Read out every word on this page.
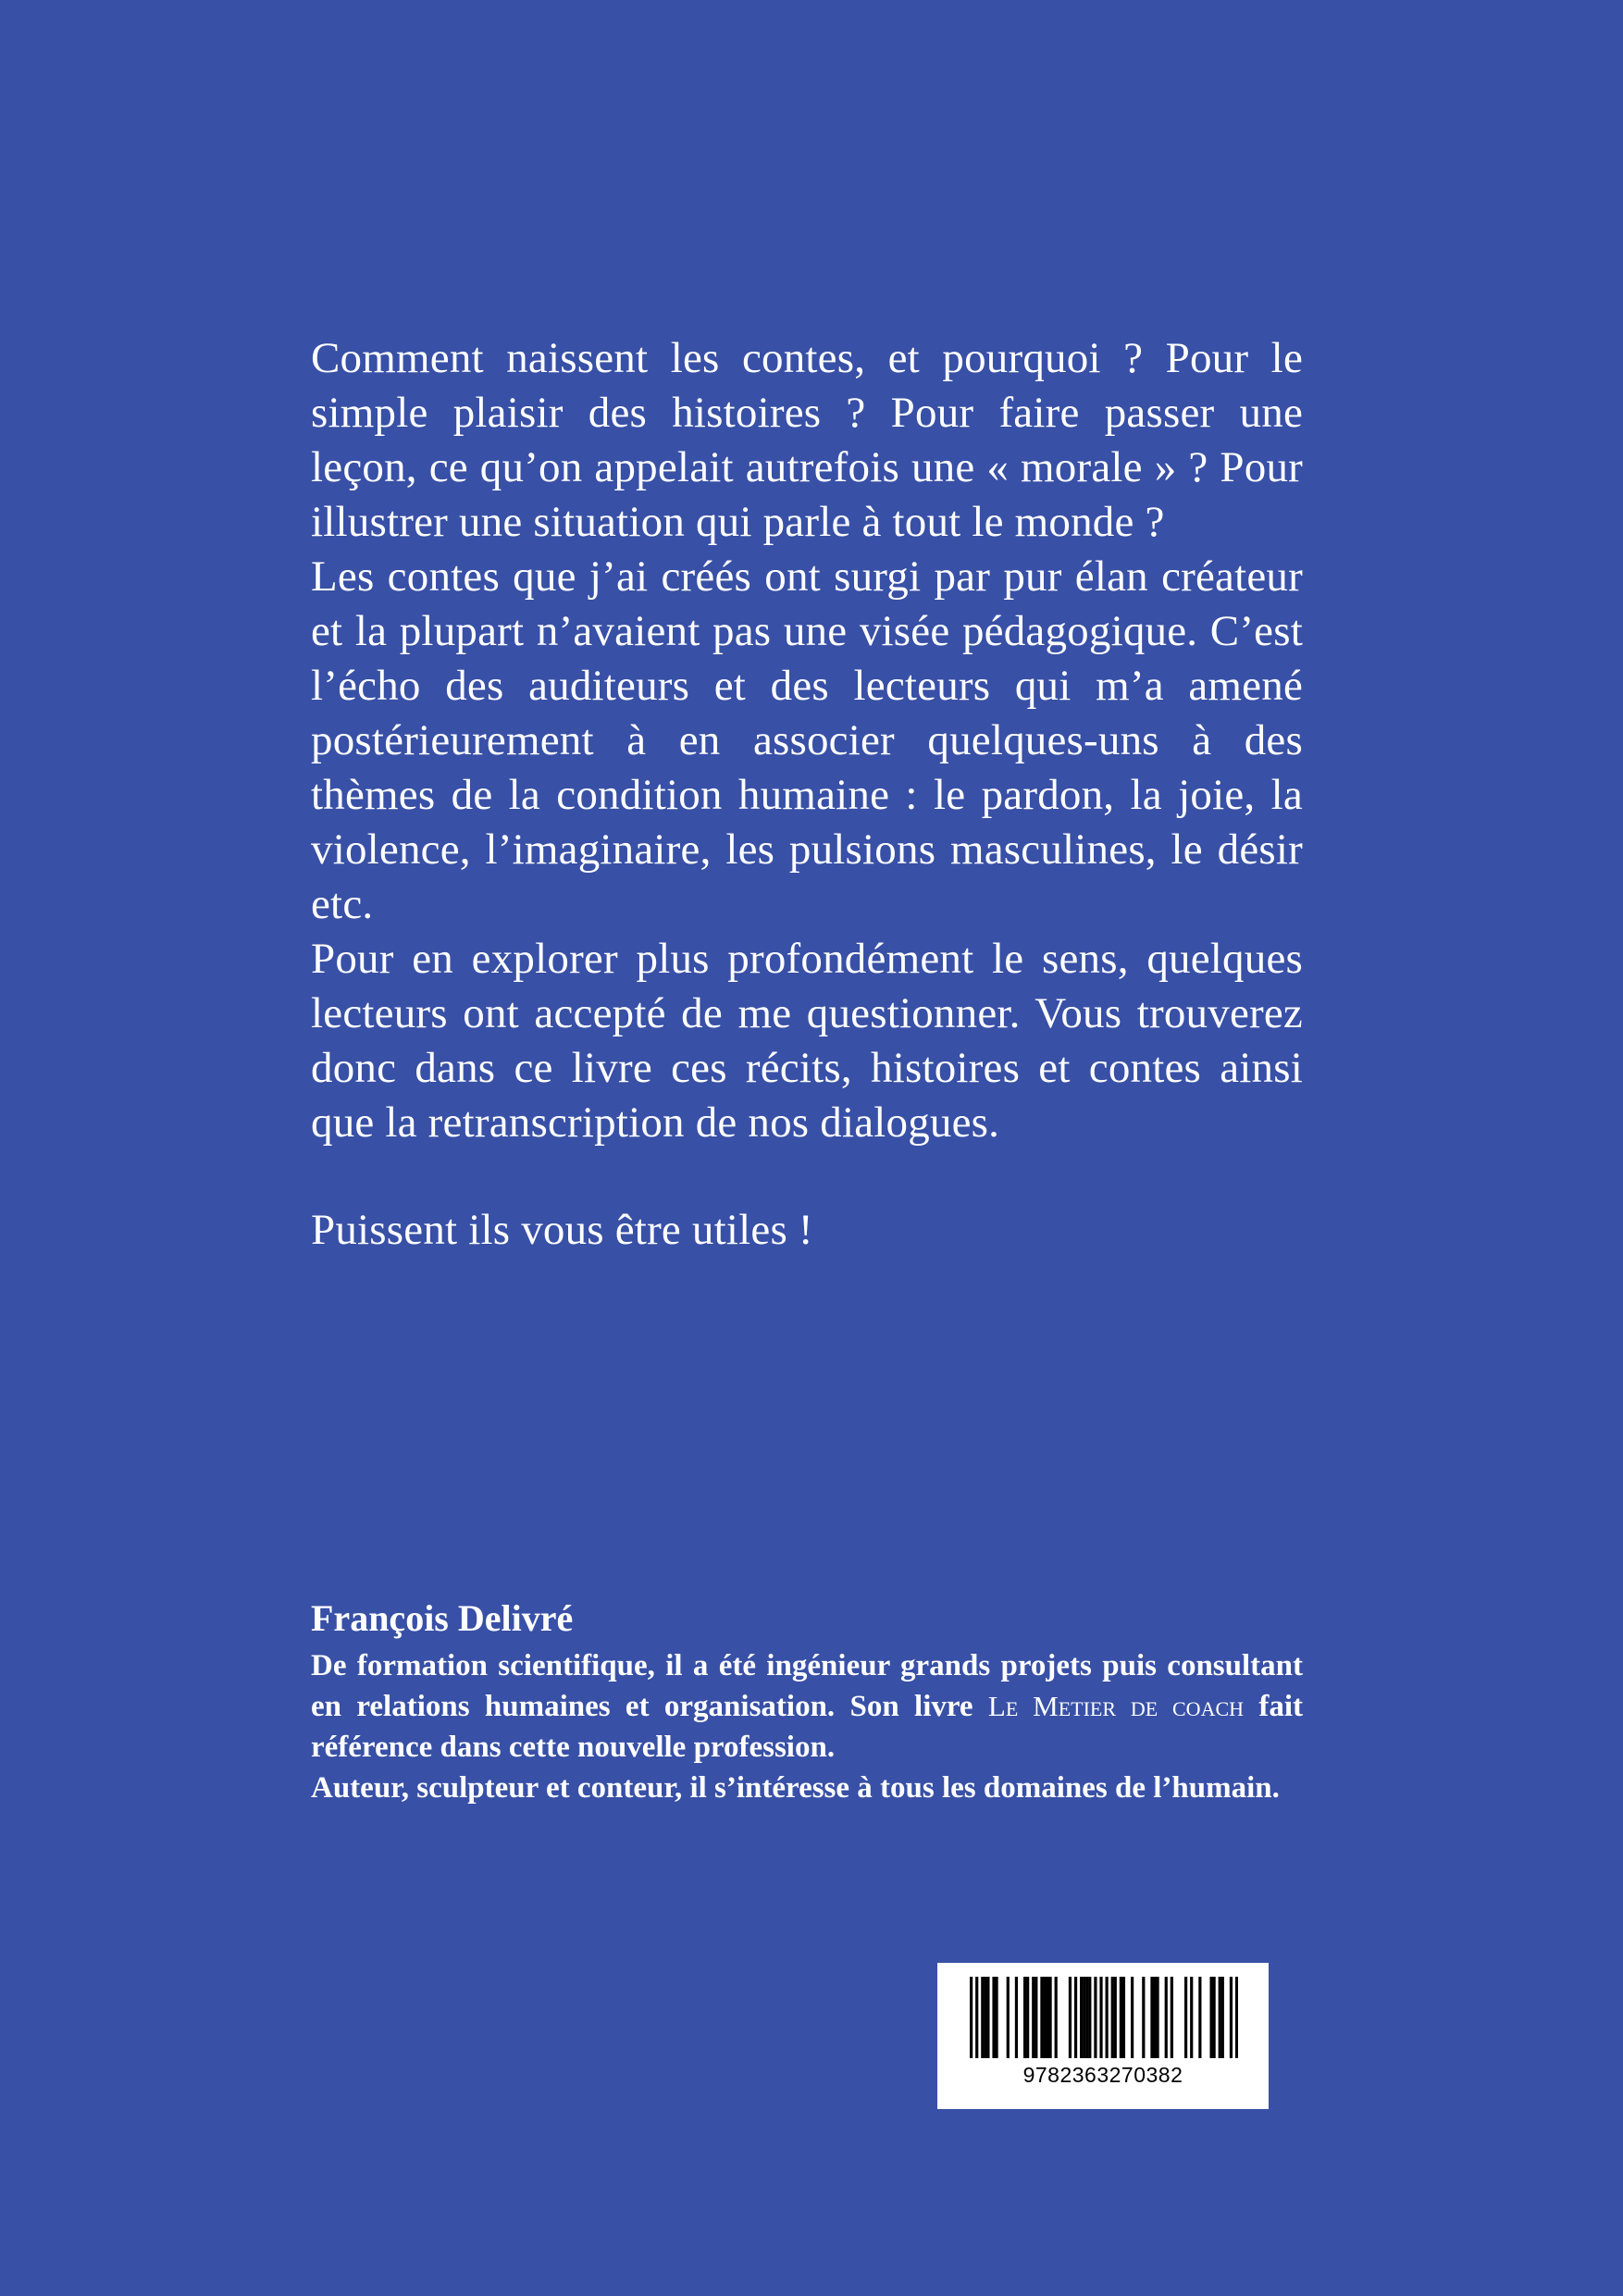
Comment naissent les contes, et pourquoi ? Pour le simple plaisir des histoires ? Pour faire passer une leçon, ce qu’on appelait autrefois une « morale » ? Pour illustrer une situation qui parle à tout le monde ?

Les contes que j’ai créés ont surgi par pur élan créateur et la plupart n’avaient pas une visée pédagogique. C’est l’écho des auditeurs et des lecteurs qui m’a amené postérieurement à en associer quelques-uns à des thèmes de la condition humaine : le pardon, la joie, la violence, l’imaginaire, les pulsions masculines, le désir etc.

Pour en explorer plus profondément le sens, quelques lecteurs ont accepté de me questionner. Vous trouverez donc dans ce livre ces récits, histoires et contes ainsi que la retranscription de nos dialogues.

Puissent ils vous être utiles !

François Delivré

De formation scientifique, il a été ingénieur grands projets puis consultant en relations humaines et organisation. Son livre Le Metier de coach fait référence dans cette nouvelle profession.
Auteur, sculpteur et conteur, il s’intéresse à tous les domaines de l’humain.

9782363270382
